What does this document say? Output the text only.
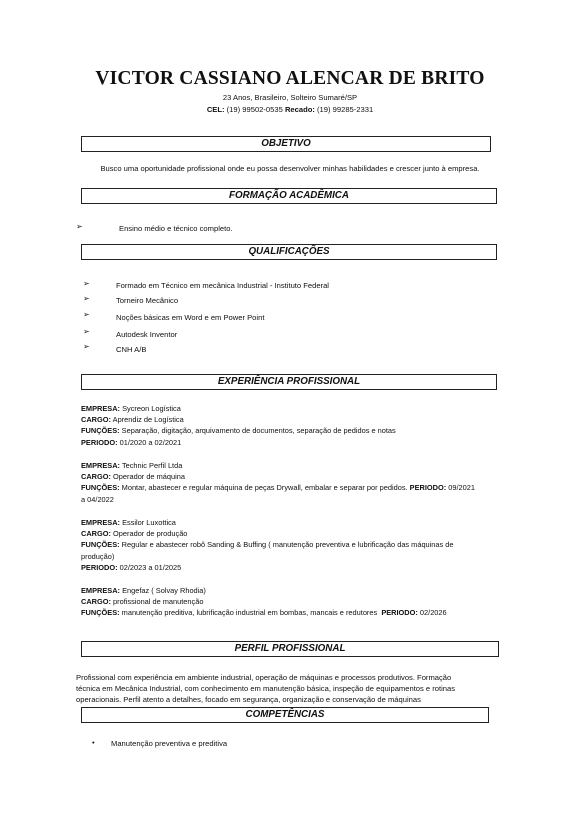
VICTOR CASSIANO ALENCAR DE BRITO
23 Anos, Brasileiro, Solteiro Sumaré/SP
CEL: (19) 99502-0535 Recado: (19) 99285-2331
OBJETIVO
Busco uma oportunidade profissional onde eu possa desenvolver minhas habilidades e crescer junto à empresa.
FORMAÇÃO ACADÊMICA
➢	Ensino médio e técnico completo.
QUALIFICAÇÕES
➢	Formado em Técnico em mecânica Industrial - Instituto Federal
➢	Torneiro Mecânico
➢	Noções básicas em Word e em Power Point
➢	Autodesk Inventor
➢	CNH A/B
EXPERIÊNCIA PROFISSIONAL
EMPRESA: Sycreon Logística
CARGO: Aprendiz de Logística
FUNÇÕES: Separação, digitação, arquivamento de documentos, separação de pedidos e notas
PERIODO: 01/2020 a 02/2021
EMPRESA: Technic Perfil Ltda
CARGO: Operador de máquina
FUNÇÕES: Montar, abastecer e regular máquina de peças Drywall, embalar e separar por pedidos. PERIODO: 09/2021 a 04/2022
EMPRESA: Essilor Luxottica
CARGO: Operador de produção
FUNÇÕES: Regular e abastecer robô Sanding & Buffing ( manutenção preventiva e lubrificação das máquinas de produção)
PERIODO: 02/2023 a 01/2025
EMPRESA: Engefaz ( Solvay Rhodia)
CARGO: profissional de manutenção
FUNÇÕES: manutenção preditiva, lubrificação industrial em bombas, mancais e redutores PERIODO: 02/2026
PERFIL PROFISSIONAL
Profissional com experiência em ambiente industrial, operação de máquinas e processos produtivos. Formação
técnica em Mecânica Industrial, com conhecimento em manutenção básica, inspeção de equipamentos e rotinas
operacionais. Perfil atento a detalhes, focado em segurança, organização e conservação de máquinas
COMPETÊNCIAS
• Manutenção preventiva e preditiva
